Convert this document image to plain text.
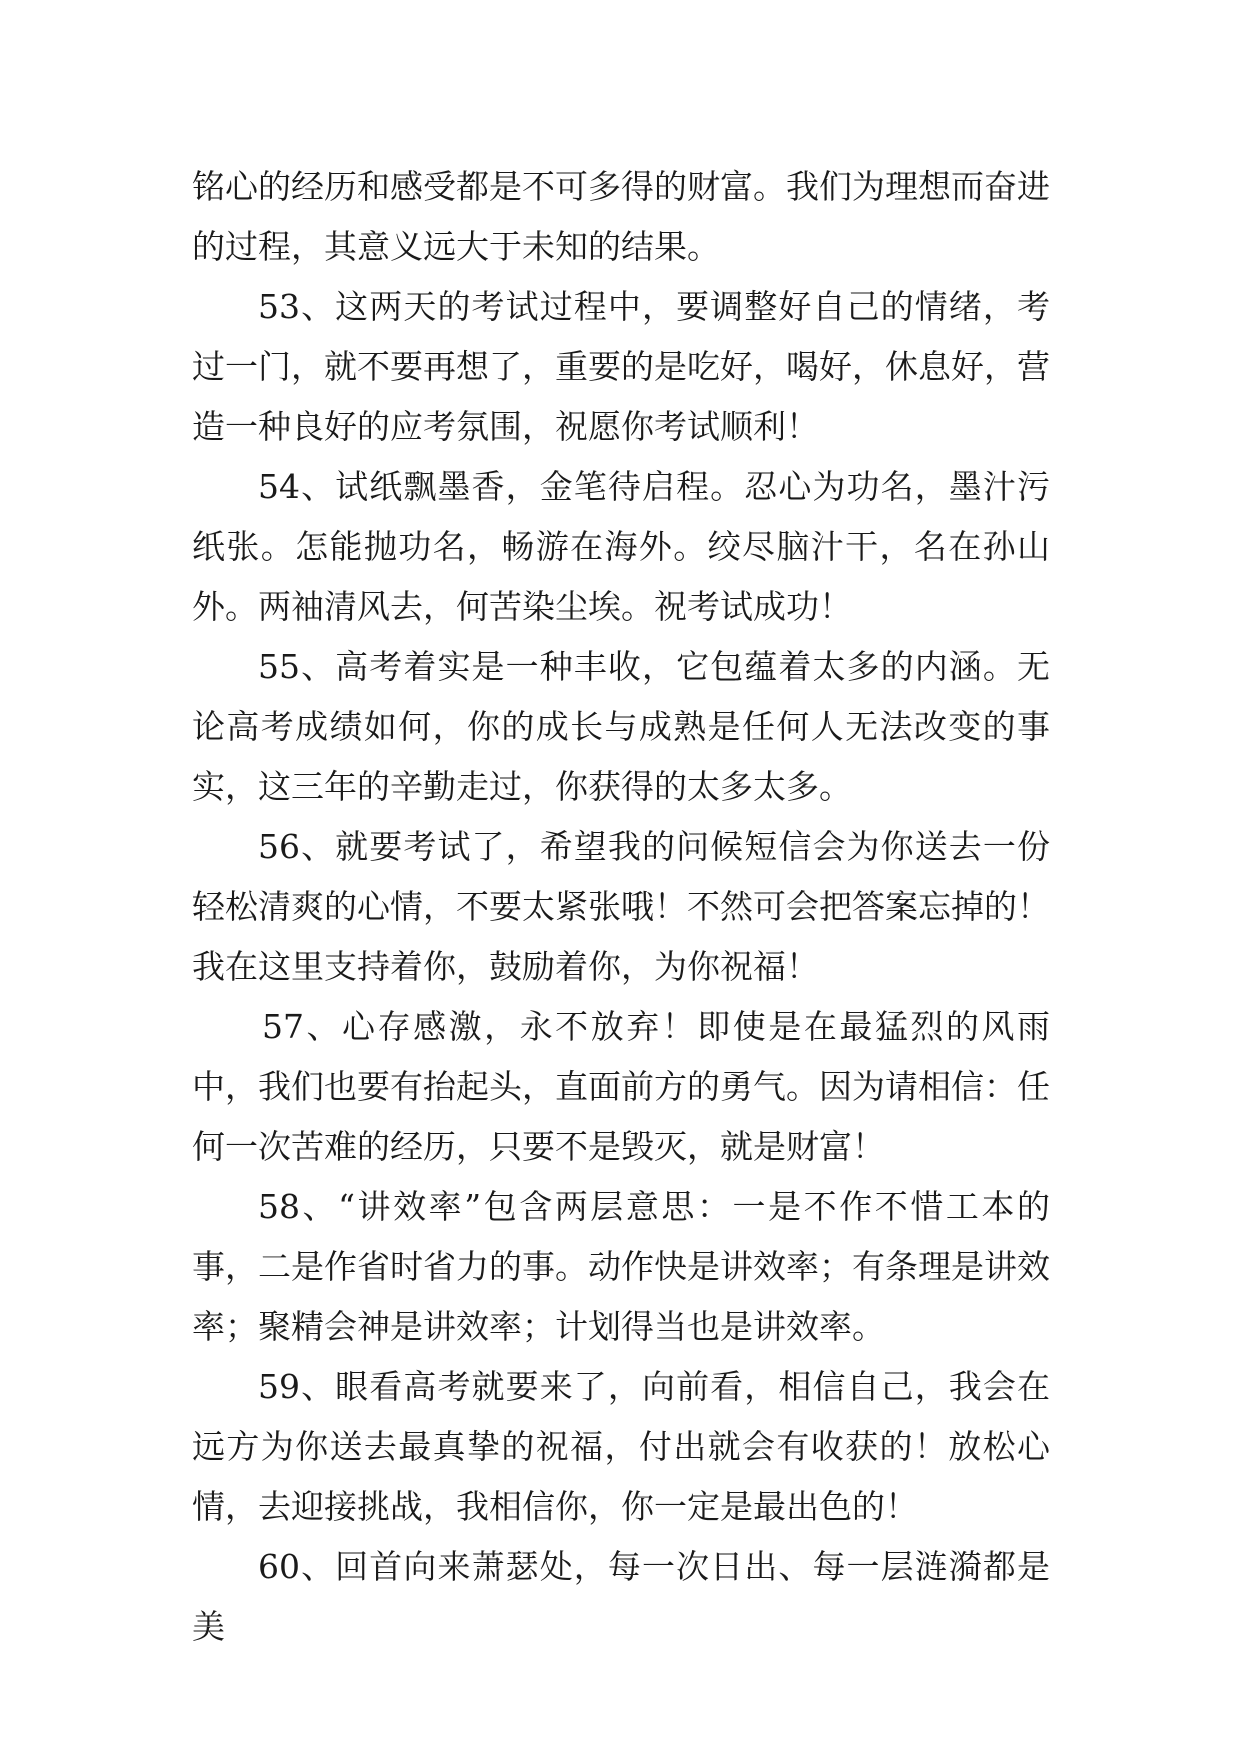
铭心的经历和感受都是不可多得的财富。我们为理想而奋进的过程，其意义远大于未知的结果。

53、这两天的考试过程中，要调整好自己的情绪，考过一门，就不要再想了，重要的是吃好，喝好，休息好，营造一种良好的应考氛围，祝愿你考试顺利！

54、试纸飘墨香，金笔待启程。忍心为功名，墨汁污纸张。怎能抛功名，畅游在海外。绞尽脑汁干，名在孙山外。两袖清风去，何苦染尘埃。祝考试成功！

55、高考着实是一种丰收，它包蕴着太多的内涵。无论高考成绩如何，你的成长与成熟是任何人无法改变的事实，这三年的辛勤走过，你获得的太多太多。

56、就要考试了，希望我的问候短信会为你送去一份轻松清爽的心情，不要太紧张哦！不然可会把答案忘掉的！我在这里支持着你，鼓励着你，为你祝福！

57、心存感激，永不放弃！即使是在最猛烈的风雨中，我们也要有抬起头，直面前方的勇气。因为请相信：任何一次苦难的经历，只要不是毁灭，就是财富！

58、“讲效率”包含两层意思：一是不作不惜工本的事，二是作省时省力的事。动作快是讲效率；有条理是讲效率；聚精会神是讲效率；计划得当也是讲效率。

59、眼看高考就要来了，向前看，相信自己，我会在远方为你送去最真挚的祝福，付出就会有收获的！放松心情，去迎接挑战，我相信你，你一定是最出色的！

60、回首向来萧瑟处，每一次日出、每一层涟漪都是美
